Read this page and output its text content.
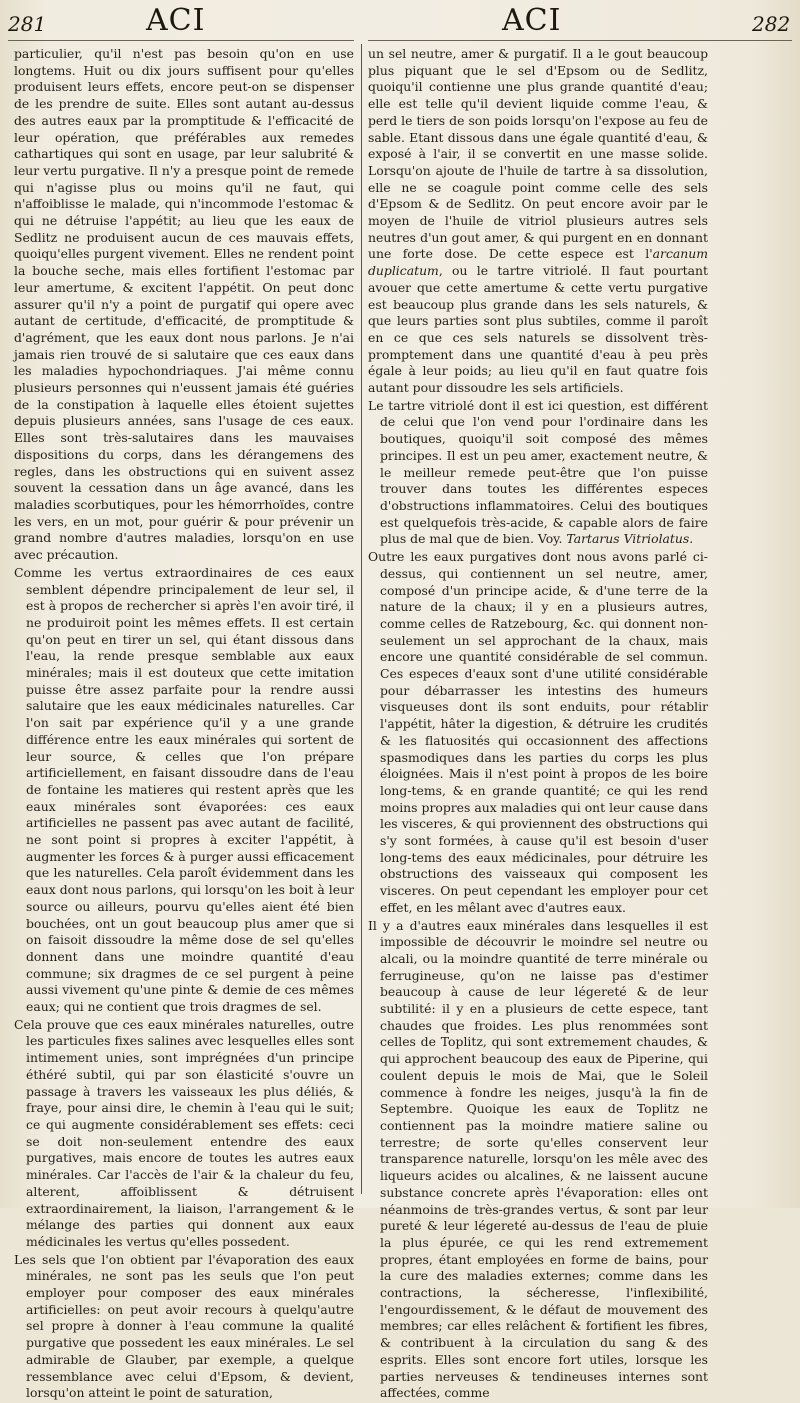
281	ACI	ACI	282

particulier, qu'il n'est pas besoin qu'on en use longtems. Huit ou dix jours suffisent pour qu'elles produisent leurs effets, encore peut-on se dispenser de les prendre de suite. Elles sont autant au-dessus des autres eaux par la promptitude & l'efficacité de leur opération, que préférables aux remedes cathartiques qui sont en usage, par leur salubrité & leur vertu purgative. Il n'y a presque point de remede qui n'agisse plus ou moins qu'il ne faut, qui n'affoiblisse le malade, qui n'incommode l'estomac & qui ne détruise l'appétit; au lieu que les eaux de Sedlitz ne produisent aucun de ces mauvais effets, quoiqu'elles purgent vivement. Elles ne rendent point la bouche seche, mais elles fortifient l'estomac par leur amertume, & excitent l'appétit. On peut donc assurer qu'il n'y a point de purgatif qui opere avec autant de certitude, d'efficacité, de promptitude & d'agrément, que les eaux dont nous parlons. Je n'ai jamais rien trouvé de si salutaire que ces eaux dans les maladies hypochondriaques. J'ai même connu plusieurs personnes qui n'eussent jamais été guéries de la constipation à laquelle elles étoient sujettes depuis plusieurs années, sans l'usage de ces eaux. Elles sont très-salutaires dans les mauvaises dispositions du corps, dans les dérangemens des regles, dans les obstructions qui en suivent assez souvent la cessation dans un âge avancé, dans les maladies scorbutiques, pour les hémorrhoïdes, contre les vers, en un mot, pour guérir & pour prévenir un grand nombre d'autres maladies, lorsqu'on en use avec précaution.

Comme les vertus extraordinaires de ces eaux semblent dépendre principalement de leur sel, il est à propos de rechercher si après l'en avoir tiré, il ne produiroit point les mêmes effets. Il est certain qu'on peut en tirer un sel, qui étant dissous dans l'eau, la rende presque semblable aux eaux minérales; mais il est douteux que cette imitation puisse être assez parfaite pour la rendre aussi salutaire que les eaux médicinales naturelles. Car l'on sait par expérience qu'il y a une grande différence entre les eaux minérales qui sortent de leur source, & celles que l'on prépare artificiellement, en faisant dissoudre dans de l'eau de fontaine les matieres qui restent après que les eaux minérales sont évaporées: ces eaux artificielles ne passent pas avec autant de facilité, ne sont point si propres à exciter l'appétit, à augmenter les forces & à purger aussi efficacement que les naturelles. Cela paroît évidemment dans les eaux dont nous parlons, qui lorsqu'on les boit à leur source ou ailleurs, pourvu qu'elles aient été bien bouchées, ont un gout beaucoup plus amer que si on faisoit dissoudre la même dose de sel qu'elles donnent dans une moindre quantité d'eau commune; six dragmes de ce sel purgent à peine aussi vivement qu'une pinte & demie de ces mêmes eaux; qui ne contient que trois dragmes de sel.

Cela prouve que ces eaux minérales naturelles, outre les particules fixes salines avec lesquelles elles sont intimement unies, sont imprégnées d'un principe éthéré subtil, qui par son élasticité s'ouvre un passage à travers les vaisseaux les plus déliés, & fraye, pour ainsi dire, le chemin à l'eau qui le suit; ce qui augmente considérablement ses effets: ceci se doit non-seulement entendre des eaux purgatives, mais encore de toutes les autres eaux minérales. Car l'accès de l'air & la chaleur du feu, alterent, affoiblissent & détruisent extraordinairement, la liaison, l'arrangement & le mélange des parties qui donnent aux eaux médicinales les vertus qu'elles possedent.

Les sels que l'on obtient par l'évaporation des eaux minérales, ne sont pas les seuls que l'on peut employer pour composer des eaux minérales artificielles: on peut avoir recours à quelqu'autre sel propre à donner à l'eau commune la qualité purgative que possedent les eaux minérales. Le sel admirable de Glauber, par exemple, a quelque ressemblance avec celui d'Epsom, & devient, lorsqu'on atteint le point de saturation,

un sel neutre, amer & purgatif. Il a le gout beaucoup plus piquant que le sel d'Epsom ou de Sedlitz, quoiqu'il contienne une plus grande quantité d'eau; elle est telle qu'il devient liquide comme l'eau, & perd le tiers de son poids lorsqu'on l'expose au feu de sable. Etant dissous dans une égale quantité d'eau, & exposé à l'air, il se convertit en une masse solide. Lorsqu'on ajoute de l'huile de tartre à sa dissolution, elle ne se coagule point comme celle des sels d'Epsom & de Sedlitz. On peut encore avoir par le moyen de l'huile de vitriol plusieurs autres sels neutres d'un gout amer, & qui purgent en en donnant une forte dose. De cette espece est l'arcanum duplicatum, ou le tartre vitriolé. Il faut pourtant avouer que cette amertume & cette vertu purgative est beaucoup plus grande dans les sels naturels, & que leurs parties sont plus subtiles, comme il paroît en ce que ces sels naturels se dissolvent très-promptement dans une quantité d'eau à peu près égale à leur poids; au lieu qu'il en faut quatre fois autant pour dissoudre les sels artificiels.

Le tartre vitriolé dont il est ici question, est différent de celui que l'on vend pour l'ordinaire dans les boutiques, quoiqu'il soit composé des mêmes principes. Il est un peu amer, exactement neutre, & le meilleur remede peut-être que l'on puisse trouver dans toutes les différentes especes d'obstructions inflammatoires. Celui des boutiques est quelquefois très-acide, & capable alors de faire plus de mal que de bien. Voy. Tartarus Vitriolatus.

Outre les eaux purgatives dont nous avons parlé ci-dessus, qui contiennent un sel neutre, amer, composé d'un principe acide, & d'une terre de la nature de la chaux; il y en a plusieurs autres, comme celles de Ratzebourg, &c. qui donnent non-seulement un sel approchant de la chaux, mais encore une quantité considérable de sel commun. Ces especes d'eaux sont d'une utilité considérable pour débarrasser les intestins des humeurs visqueuses dont ils sont enduits, pour rétablir l'appétit, hâter la digestion, & détruire les crudités & les flatuosités qui occasionnent des affections spasmodiques dans les parties du corps les plus éloignées. Mais il n'est point à propos de les boire long-tems, & en grande quantité; ce qui les rend moins propres aux maladies qui ont leur cause dans les visceres, & qui proviennent des obstructions qui s'y sont formées, à cause qu'il est besoin d'user long-tems des eaux médicinales, pour détruire les obstructions des vaisseaux qui composent les visceres. On peut cependant les employer pour cet effet, en les mêlant avec d'autres eaux.

Il y a d'autres eaux minérales dans lesquelles il est impossible de découvrir le moindre sel neutre ou alcali, ou la moindre quantité de terre minérale ou ferrugineuse, qu'on ne laisse pas d'estimer beaucoup à cause de leur légereté & de leur subtilité: il y en a plusieurs de cette espece, tant chaudes que froides. Les plus renommées sont celles de Toplitz, qui sont extremement chaudes, & qui approchent beaucoup des eaux de Piperine, qui coulent depuis le mois de Mai, que le Soleil commence à fondre les neiges, jusqu'à la fin de Septembre. Quoique les eaux de Toplitz ne contiennent pas la moindre matiere saline ou terrestre; de sorte qu'elles conservent leur transparence naturelle, lorsqu'on les mêle avec des liqueurs acides ou alcalines, & ne laissent aucune substance concrete après l'évaporation: elles ont néanmoins de très-grandes vertus, & sont par leur pureté & leur légereté au-dessus de l'eau de pluie la plus épurée, ce qui les rend extremement propres, étant employées en forme de bains, pour la cure des maladies externes; comme dans les contractions, la sécheresse, l'inflexibilité, l'engourdissement, & le défaut de mouvement des membres; car elles relâchent & fortifient les fibres, & contribuent à la circulation du sang & des esprits. Elles sont encore fort utiles, lorsque les parties nerveuses & tendineuses internes sont affectées, comme
